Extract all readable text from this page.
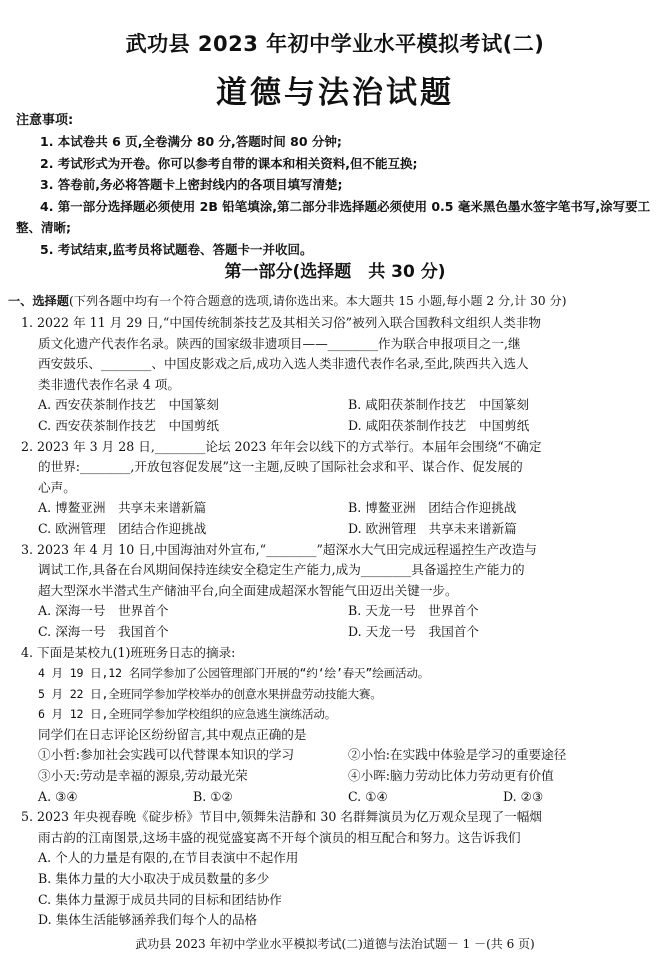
武功县 2023 年初中学业水平模拟考试(二)
道德与法治试题
注意事项:
1. 本试卷共 6 页,全卷满分 80 分,答题时间 80 分钟;
2. 考试形式为开卷。你可以参考自带的课本和相关资料,但不能互换;
3. 答卷前,务必将答题卡上密封线内的各项目填写清楚;
4. 第一部分选择题必须使用 2B 铅笔填涂,第二部分非选择题必须使用 0.5 毫米黑色墨水签字笔书写,涂写要工整、清晰;
5. 考试结束,监考员将试题卷、答题卡一并收回。
第一部分(选择题　共 30 分)
一、选择题(下列各题中均有一个符合题意的选项,请你选出来。本大题共 15 小题,每小题 2 分,计 30 分)
1. 2022 年 11 月 29 日,“中国传统制茶技艺及其相关习俗”被列入联合国教科文组织人类非物
质文化遗产代表作名录。陕西的国家级非遗项目——________作为联合申报项目之一,继
西安鼓乐、________、中国皮影戏之后,成功入选人类非遗代表作名录,至此,陕西共入选人
类非遗代表作名录 4 项。
A. 西安茯茶制作技艺　中国篆刻	B. 咸阳茯茶制作技艺　中国篆刻
C. 西安茯茶制作技艺　中国剪纸	D. 咸阳茯茶制作技艺　中国剪纸
2. 2023 年 3 月 28 日,________论坛 2023 年年会以线下的方式举行。本届年会围绕“不确定
的世界:________,开放包容促发展”这一主题,反映了国际社会求和平、谋合作、促发展的
心声。
A. 博鳌亚洲　共享未来谱新篇	B. 博鳌亚洲　团结合作迎挑战
C. 欧洲管理　团结合作迎挑战	D. 欧洲管理　共享未来谱新篇
3. 2023 年 4 月 10 日,中国海油对外宣布,“________”超深水大气田完成远程遥控生产改造与
调试工作,具备在台风期间保持连续安全稳定生产能力,成为________具备遥控生产能力的
超大型深水半潜式生产储油平台,向全面建成超深水智能气田迈出关键一步。
A. 深海一号　世界首个	B. 天龙一号　世界首个
C. 深海一号　我国首个	D. 天龙一号　我国首个
4. 下面是某校九(1)班班务日志的摘录:
4 月 19 日,12 名同学参加了公园管理部门开展的“约‘绘’春天”绘画活动。
5 月 22 日,全班同学参加学校举办的创意水果拼盘劳动技能大赛。
6 月 12 日,全班同学参加学校组织的应急逃生演练活动。
同学们在日志评论区纷纷留言,其中观点正确的是
①小哲:参加社会实践可以代替课本知识的学习	②小怡:在实践中体验是学习的重要途径
③小天:劳动是幸福的源泉,劳动最光荣	④小晖:脑力劳动比体力劳动更有价值
A. ③④	B. ①②	C. ①④	D. ②③
5. 2023 年央视春晚《碇步桥》节目中,领舞朱洁静和 30 名群舞演员为亿万观众呈现了一幅烟
雨古韵的江南图景,这场丰盛的视觉盛宴离不开每个演员的相互配合和努力。这告诉我们
A. 个人的力量是有限的,在节目表演中不起作用
B. 集体力量的大小取决于成员数量的多少
C. 集体力量源于成员共同的目标和团结协作
D. 集体生活能够涵养我们每个人的品格
武功县 2023 年初中学业水平模拟考试(二)道德与法治试题－ 1 －(共 6 页)
